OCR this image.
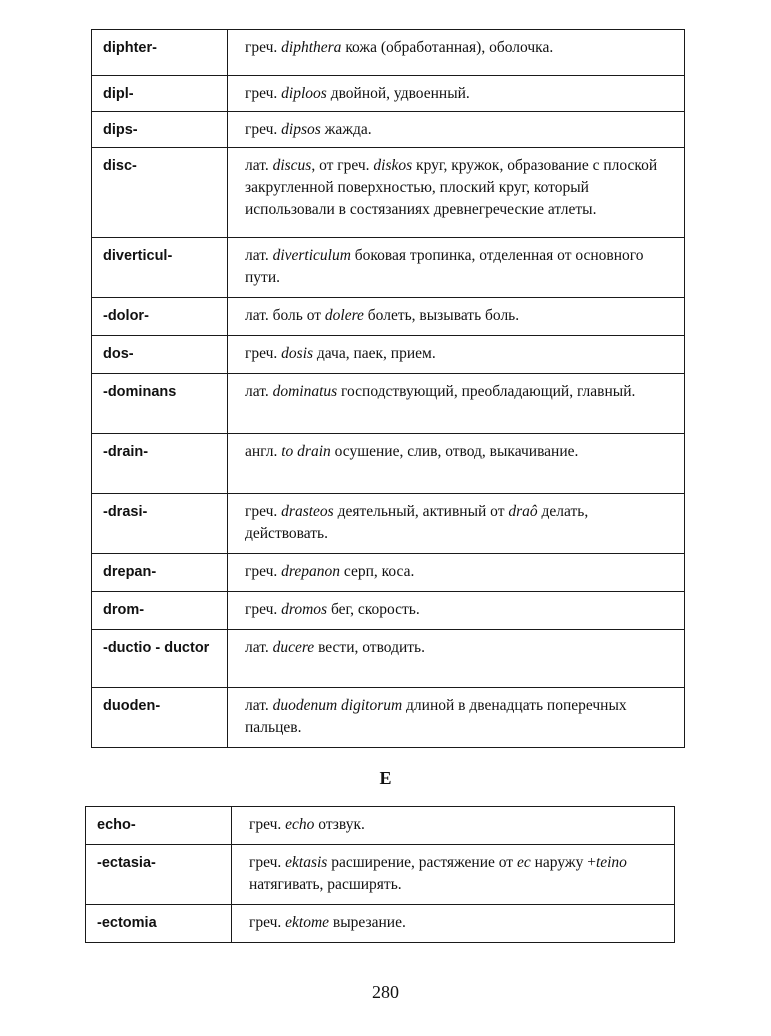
diphter-	греч. diphthera кожа (обработанная), оболочка.
dipl-	греч. diploos двойной, удвоенный.
dips-	греч. dipsos жажда.
disc-	лат. discus, от греч. diskos круг, кружок, образование с плоской закругленной поверхностью, плоский круг, который использовали в состязаниях древнегреческие атлеты.
diverticul-	лат. diverticulum боковая тропинка, отделенная от основного пути.
-dolor-	лат. боль от dolere болеть, вызывать боль.
dos-	греч. dosis дача, паек, прием.
-dominans	лат. dominatus господствующий, преобладающий, главный.
-drain-	англ. to drain осушение, слив, отвод, выкачивание.
-drasi-	греч. drasteos деятельный, активный от draô делать, действовать.
drepan-	греч. drepanon серп, коса.
drom-	греч. dromos бег, скорость.
-ductio - ductor	лат. ducere вести, отводить.
duoden-	лат. duodenum digitorum длиной в двенадцать поперечных пальцев.
E
echo-	греч. echo отзвук.
-ectasia-	греч. ektasis расширение, растяжение от ec наружу +teino натягивать, расширять.
-ectomia	греч. ektome вырезание.
280
